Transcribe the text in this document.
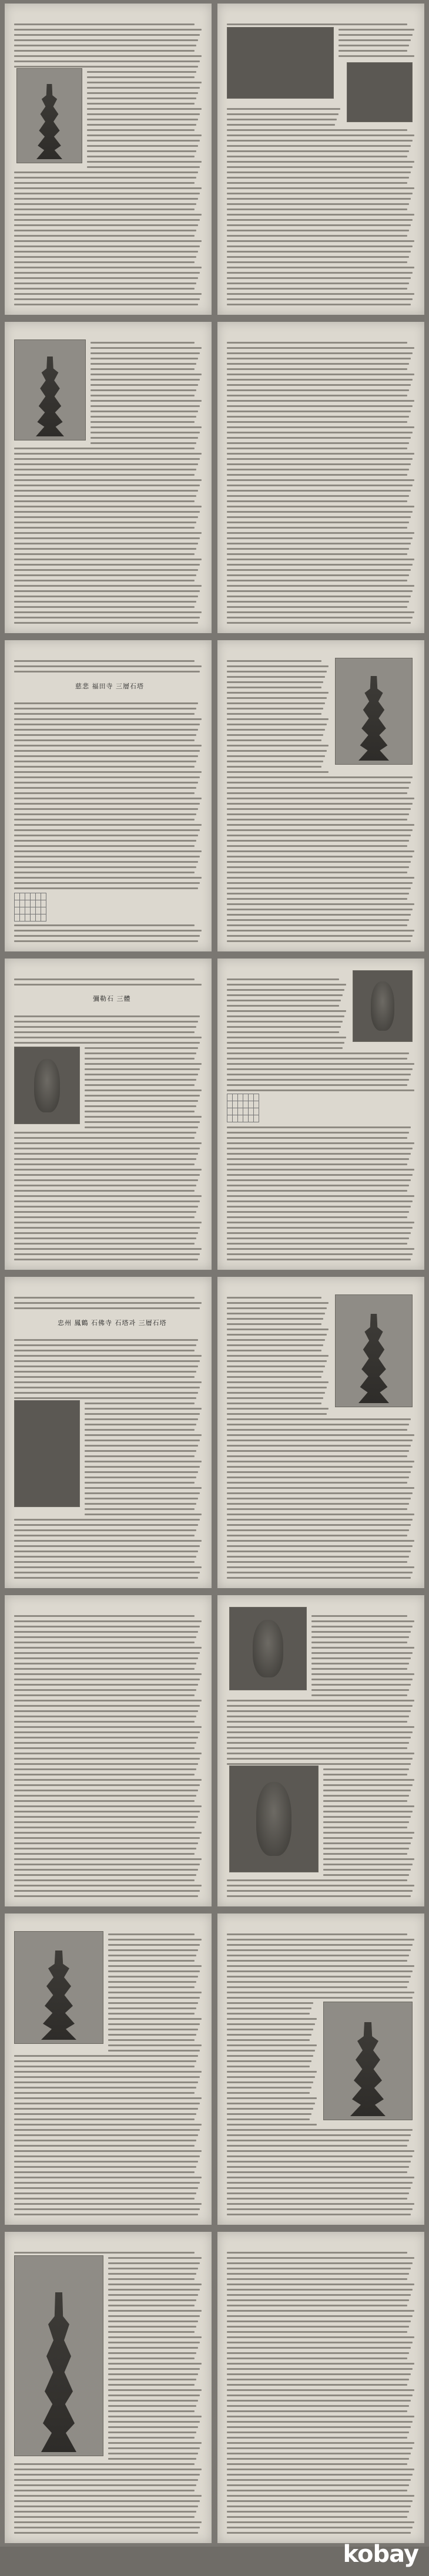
慈悲 福田寺 三層石塔
彌勒石 三體

忠州 鳳鶴 石佛寺 石塔과 三層石塔
kobay
